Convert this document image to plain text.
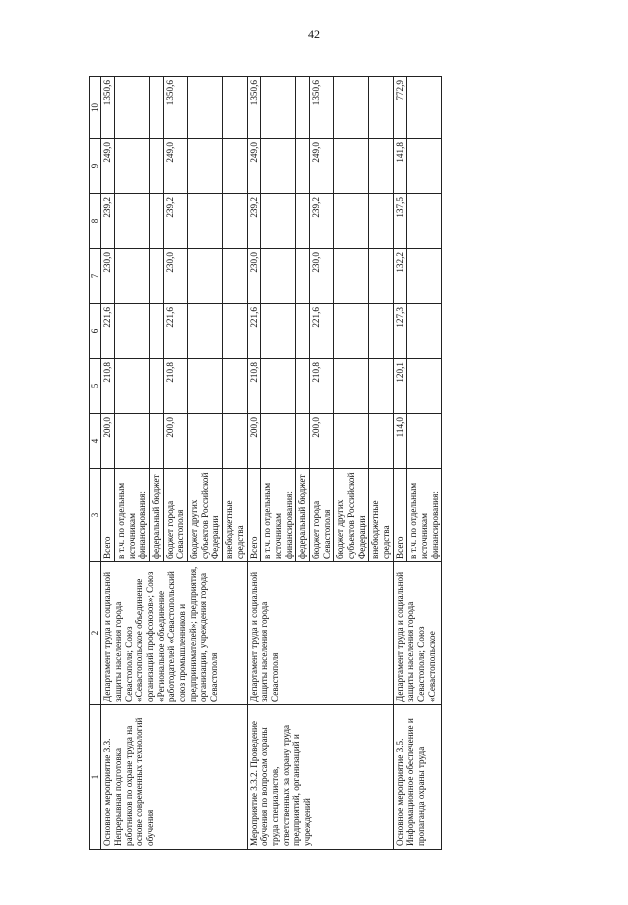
42
1	2	3	4	5	6	7	8	9	10
Основное мероприятие 3.3. Непрерывная подготовка работников по охране труда на основе современных технологий обучения	Департамент труда и социальной защиты населения города Севастополя; Союз «Севастопольское объединение организаций профсоюзов»; Союз «Региональное объединение работодателей «Севастопольский союз промышленников и предпринимателей»; предприятия, организации, учреждения города Севастополя	Всего	200,0	210,8	221,6	230,0	239,2	249,0	1350,6
		в т.ч. по отдельным источникам финансирования:							
		федеральный бюджет							
		бюджет города Севастополя	200,0	210,8	221,6	230,0	239,2	249,0	1350,6
		бюджет других субъектов Российской Федерации							
		внебюджетные средства							
Мероприятие 3.3.2. Проведение обучения по вопросам охраны труда специалистов, ответственных за охрану труда предприятий, организаций и учреждений	Департамент труда и социальной защиты населения города Севастополя	Всего	200,0	210,8	221,6	230,0	239,2	249,0	1350,6
		в т.ч. по отдельным источникам финансирования:							
		федеральный бюджет							
		бюджет города Севастополя	200,0	210,8	221,6	230,0	239,2	249,0	1350,6
		бюджет других субъектов Российской Федерации							
		внебюджетные средства							
Основное мероприятие 3.5. Информационное обеспечение и пропаганда охраны труда	Департамент труда и социальной защиты населения города Севастополя; Союз «Севастопольское	Всего	114,0	120,1	127,3	132,2	137,5	141,8	772,9
		в т.ч. по отдельным источникам финансирования:							
